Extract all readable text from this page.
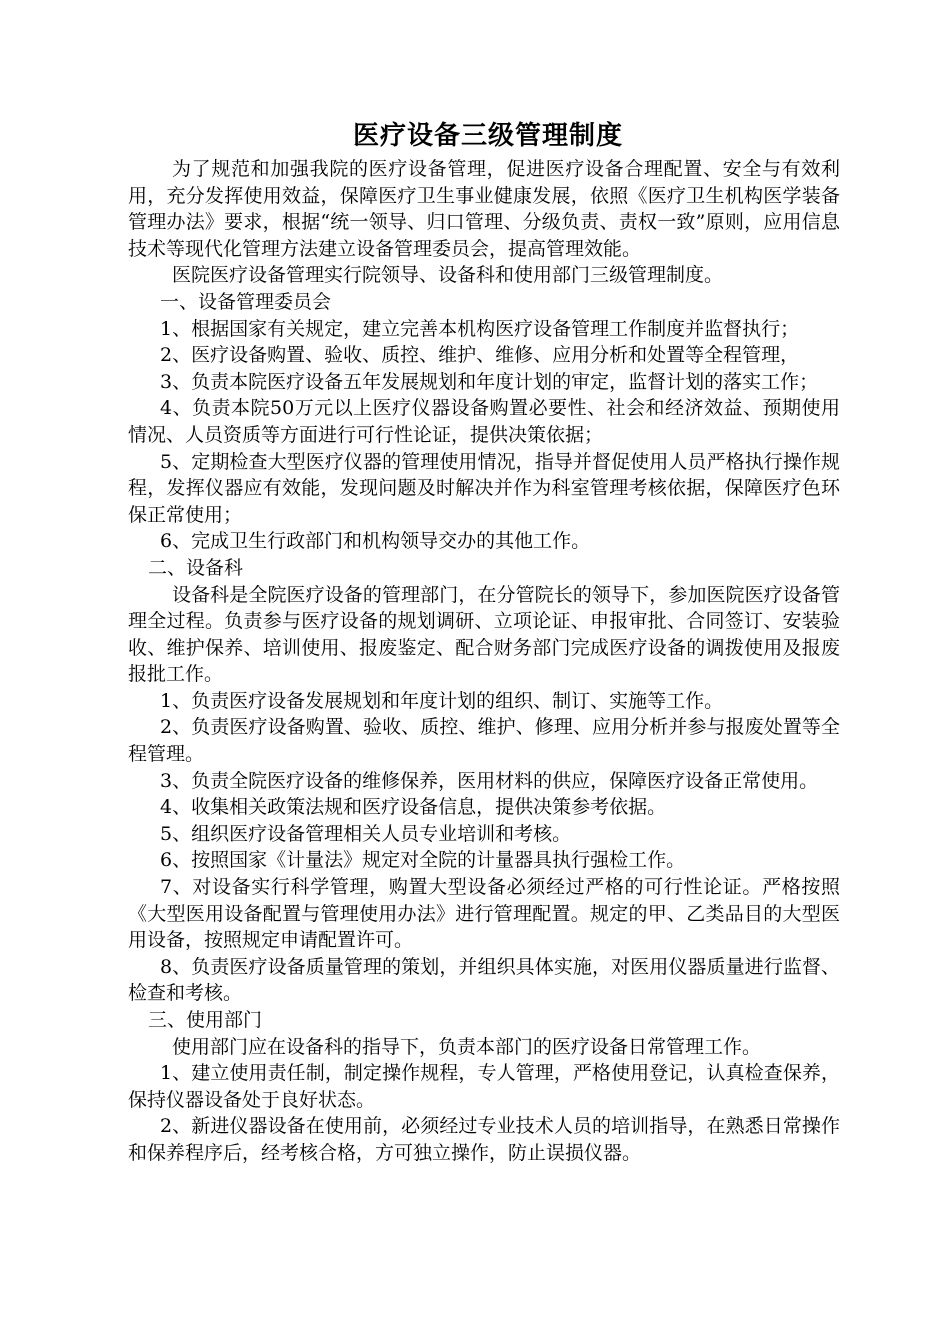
医疗设备三级管理制度

为了规范和加强我院的医疗设备管理，促进医疗设备合理配置、安全与有效利用，充分发挥使用效益，保障医疗卫生事业健康发展，依照《医疗卫生机构医学装备管理办法》要求，根据“统一领导、归口管理、分级负责、责权一致”原则，应用信息技术等现代化管理方法建立设备管理委员会，提高管理效能。

医院医疗设备管理实行院领导、设备科和使用部门三级管理制度。

一、设备管理委员会

1、根据国家有关规定，建立完善本机构医疗设备管理工作制度并监督执行；

2、医疗设备购置、验收、质控、维护、维修、应用分析和处置等全程管理，

3、负责本院医疗设备五年发展规划和年度计划的审定，监督计划的落实工作；

4、负责本院50万元以上医疗仪器设备购置必要性、社会和经济效益、预期使用情况、人员资质等方面进行可行性论证，提供决策依据；

5、定期检查大型医疗仪器的管理使用情况，指导并督促使用人员严格执行操作规程，发挥仪器应有效能，发现问题及时解决并作为科室管理考核依据，保障医疗色环保正常使用；

6、完成卫生行政部门和机构领导交办的其他工作。

二、设备科

设备科是全院医疗设备的管理部门，在分管院长的领导下，参加医院医疗设备管理全过程。负责参与医疗设备的规划调研、立项论证、申报审批、合同签订、安装验收、维护保养、培训使用、报废鉴定、配合财务部门完成医疗设备的调拨使用及报废报批工作。

1、负责医疗设备发展规划和年度计划的组织、制订、实施等工作。

2、负责医疗设备购置、验收、质控、维护、修理、应用分析并参与报废处置等全程管理。

3、负责全院医疗设备的维修保养，医用材料的供应，保障医疗设备正常使用。

4、收集相关政策法规和医疗设备信息，提供决策参考依据。

5、组织医疗设备管理相关人员专业培训和考核。

6、按照国家《计量法》规定对全院的计量器具执行强检工作。

7、对设备实行科学管理，购置大型设备必须经过严格的可行性论证。严格按照《大型医用设备配置与管理使用办法》进行管理配置。规定的甲、乙类品目的大型医用设备，按照规定申请配置许可。

8、负责医疗设备质量管理的策划，并组织具体实施，对医用仪器质量进行监督、检查和考核。

三、使用部门

使用部门应在设备科的指导下，负责本部门的医疗设备日常管理工作。

1、建立使用责任制，制定操作规程，专人管理，严格使用登记，认真检查保养，保持仪器设备处于良好状态。

2、新进仪器设备在使用前，必须经过专业技术人员的培训指导，在熟悉日常操作和保养程序后，经考核合格，方可独立操作，防止误损仪器。
